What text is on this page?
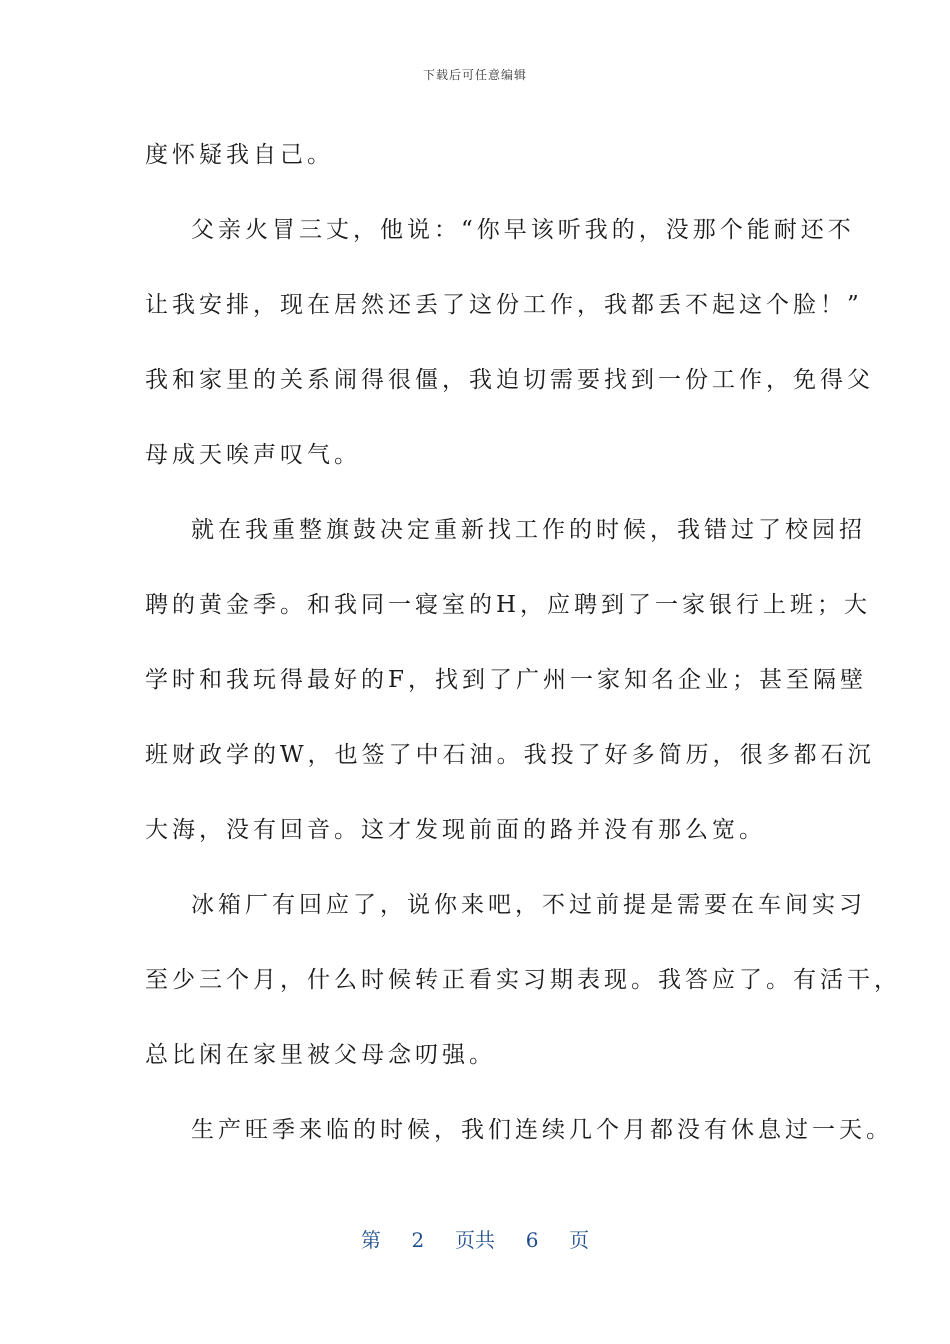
下载后可任意编辑

度怀疑我自己。

父亲火冒三丈，他说：“你早该听我的，没那个能耐还不
让我安排，现在居然还丢了这份工作，我都丢不起这个脸！”
我和家里的关系闹得很僵，我迫切需要找到一份工作，免得父
母成天唉声叹气。

就在我重整旗鼓决定重新找工作的时候，我错过了校园招
聘的黄金季。和我同一寝室的H，应聘到了一家银行上班；大
学时和我玩得最好的F，找到了广州一家知名企业；甚至隔壁
班财政学的W，也签了中石油。我投了好多简历，很多都石沉
大海，没有回音。这才发现前面的路并没有那么宽。

冰箱厂有回应了，说你来吧，不过前提是需要在车间实习
至少三个月，什么时候转正看实习期表现。我答应了。有活干，
总比闲在家里被父母念叨强。

生产旺季来临的时候，我们连续几个月都没有休息过一天。

第 2 页共 6 页
